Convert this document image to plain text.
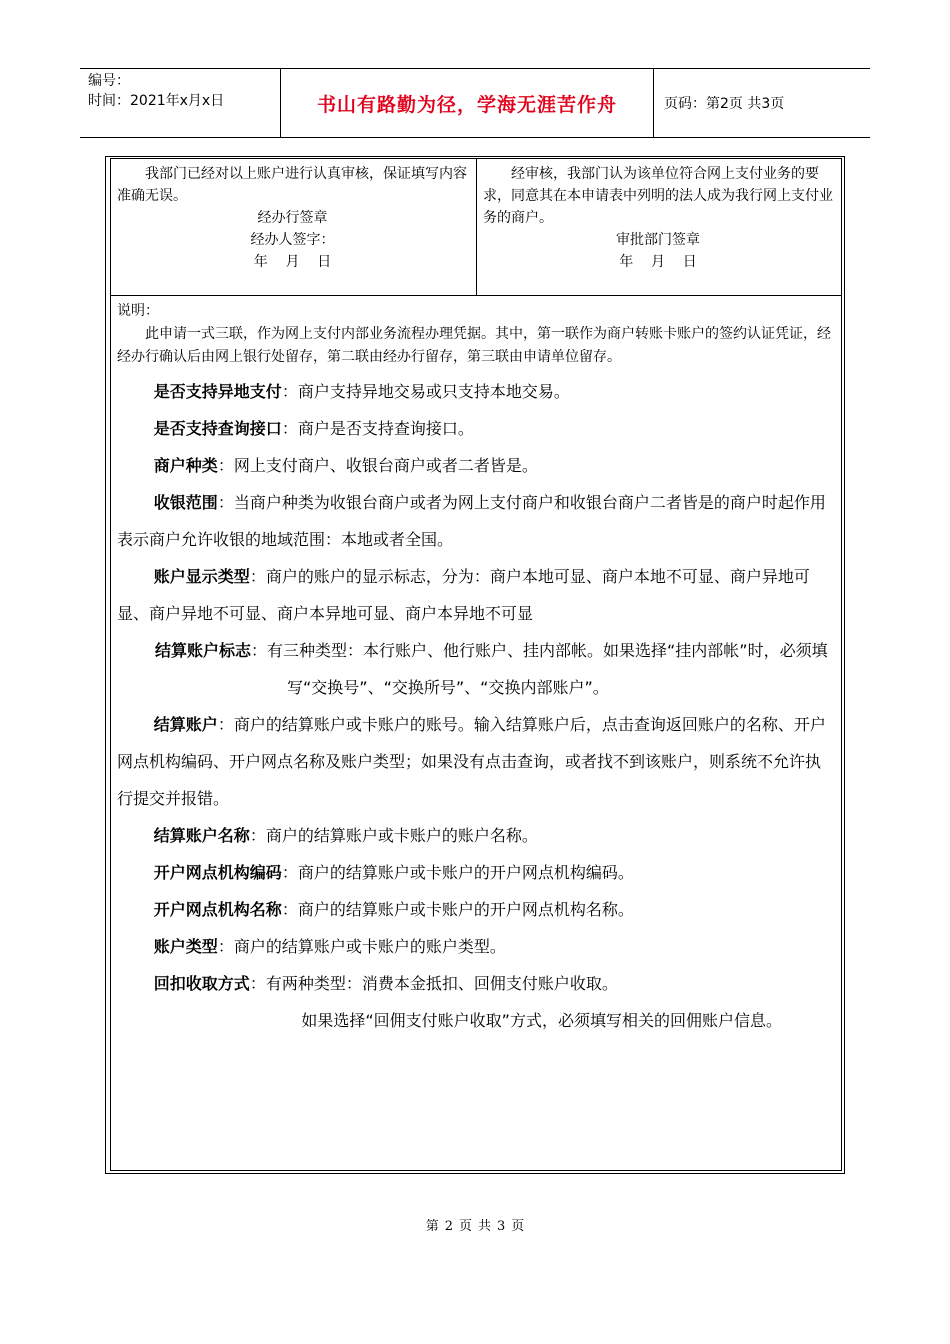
编号：
时间：2021年x月x日	书山有路勤为径，学海无涯苦作舟	页码：第2页 共3页
我部门已经对以上账户进行认真审核，保证填写内容准确无误。
经办行签章
经办人签字：
年    月    日
经审核，我部门认为该单位符合网上支付业务的要求，同意其在本申请表中列明的法人成为我行网上支付业务的商户。
审批部门签章
年    月    日
说明：
此申请一式三联，作为网上支付内部业务流程办理凭据。其中，第一联作为商户转账卡账户的签约认证凭证，经经办行确认后由网上银行处留存，第二联由经办行留存，第三联由申请单位留存。
是否支持异地支付：商户支持异地交易或只支持本地交易。
是否支持查询接口：商户是否支持查询接口。
商户种类：网上支付商户、收银台商户或者二者皆是。
收银范围：当商户种类为收银台商户或者为网上支付商户和收银台商户二者皆是的商户时起作用表示商户允许收银的地域范围：本地或者全国。
账户显示类型：商户的账户的显示标志，分为：商户本地可显、商户本地不可显、商户异地可显、商户异地不可显、商户本异地可显、商户本异地不可显
结算账户标志：有三种类型：本行账户、他行账户、挂内部帐。如果选择“挂内部帐”时，必须填写“交换号”、“交换所号”、“交换内部账户”。
结算账户：商户的结算账户或卡账户的账号。输入结算账户后，点击查询返回账户的名称、开户网点机构编码、开户网点名称及账户类型；如果没有点击查询，或者找不到该账户，则系统不允许执行提交并报错。
结算账户名称：商户的结算账户或卡账户的账户名称。
开户网点机构编码：商户的结算账户或卡账户的开户网点机构编码。
开户网点机构名称：商户的结算账户或卡账户的开户网点机构名称。
账户类型：商户的结算账户或卡账户的账户类型。
回扣收取方式：有两种类型：消费本金抵扣、回佣支付账户收取。
如果选择“回佣支付账户收取”方式，必须填写相关的回佣账户信息。
第 2 页 共 3 页
